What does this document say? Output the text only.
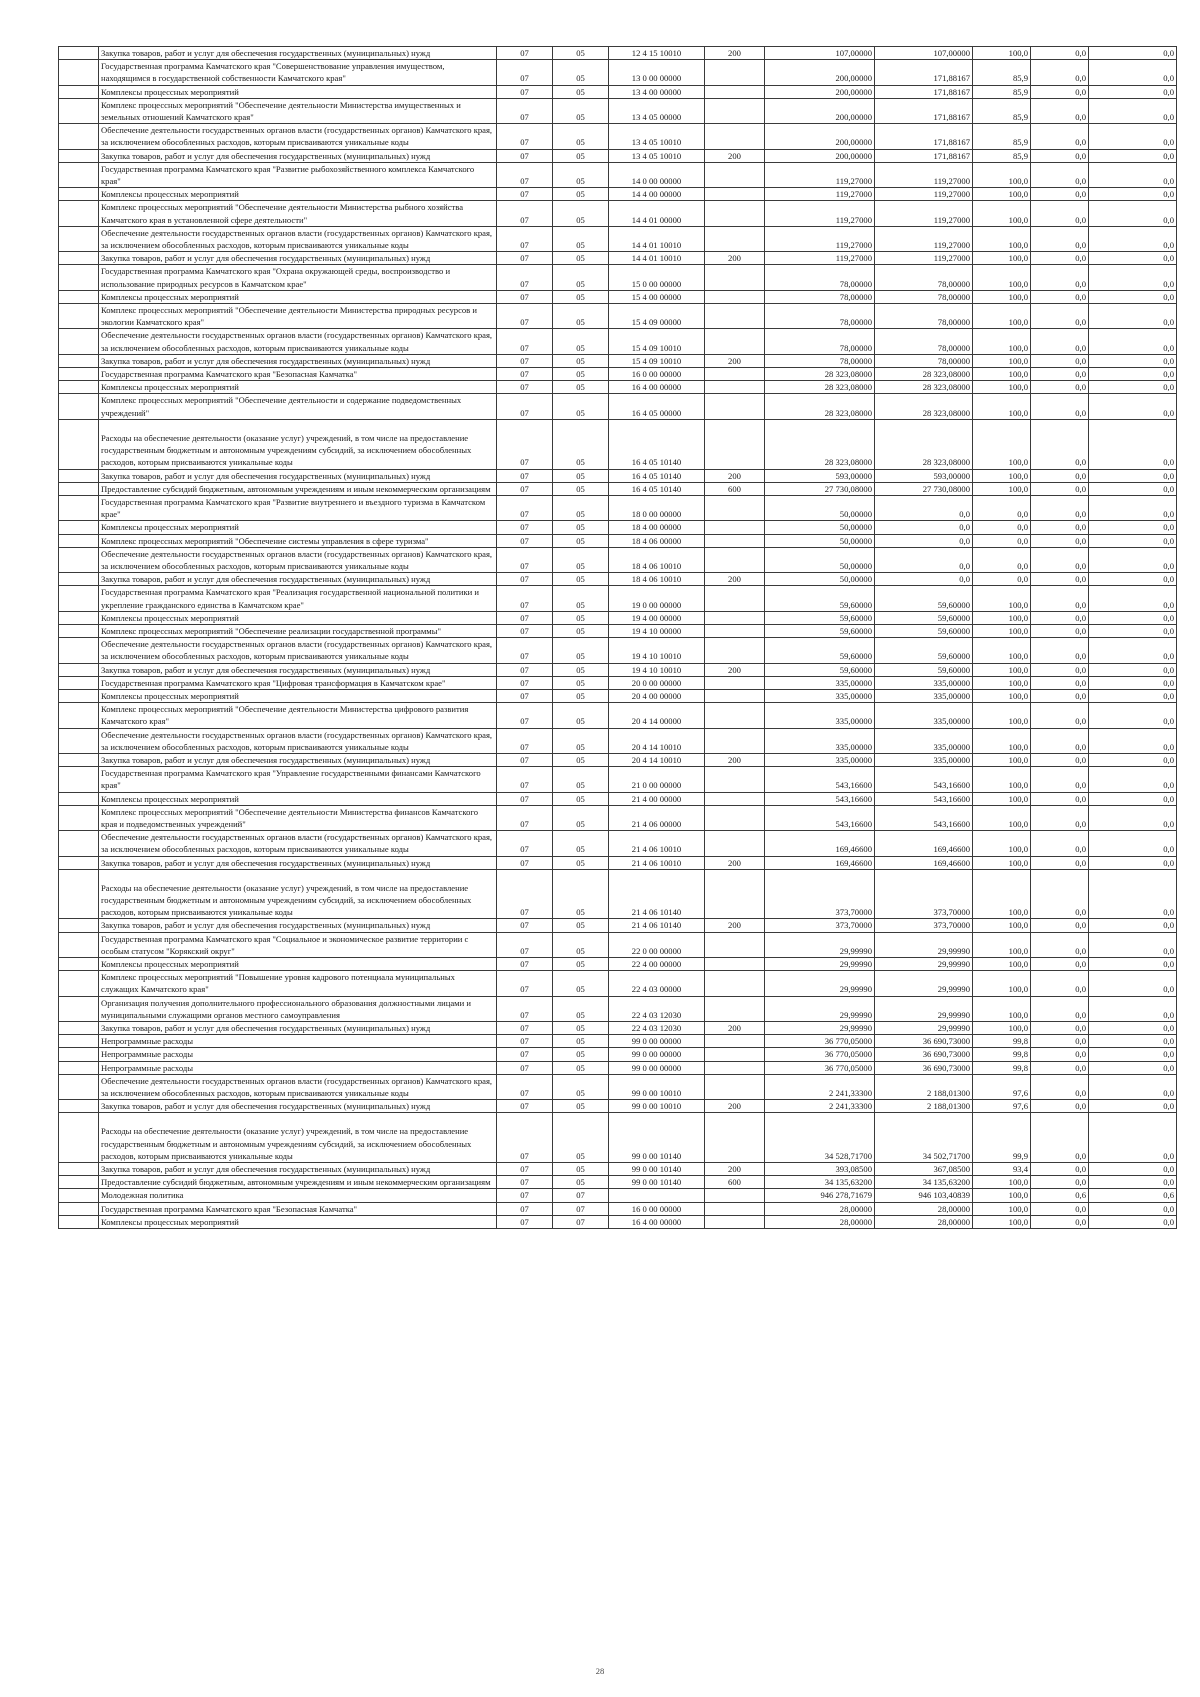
	Закупка товаров, работ и услуг для обеспечения государственных (муниципальных) нужд	07	05	12 4 15 10010	200	107,00000	107,00000	100,0	0,0	0,0
	Государственная программа Камчатского края "Совершенствование управления имуществом, находящимся в государственной собственности Камчатского края"	07	05	13 0 00 00000		200,00000	171,88167	85,9	0,0	0,0
	Комплексы процессных мероприятий	07	05	13 4 00 00000		200,00000	171,88167	85,9	0,0	0,0
	Комплекс процессных мероприятий "Обеспечение деятельности Министерства имущественных и земельных отношений Камчатского края"	07	05	13 4 05 00000		200,00000	171,88167	85,9	0,0	0,0
	Обеспечение деятельности государственных органов власти (государственных органов) Камчатского края, за исключением обособленных расходов, которым присваиваются уникальные коды	07	05	13 4 05 10010		200,00000	171,88167	85,9	0,0	0,0
	Закупка товаров, работ и услуг для обеспечения государственных (муниципальных) нужд	07	05	13 4 05 10010	200	200,00000	171,88167	85,9	0,0	0,0
	Государственная программа Камчатского края "Развитие рыбохозяйственного комплекса Камчатского края"	07	05	14 0 00 00000		119,27000	119,27000	100,0	0,0	0,0
	Комплексы процессных мероприятий	07	05	14 4 00 00000		119,27000	119,27000	100,0	0,0	0,0
	Комплекс процессных мероприятий "Обеспечение деятельности Министерства рыбного хозяйства Камчатского края в установленной сфере деятельности"	07	05	14 4 01 00000		119,27000	119,27000	100,0	0,0	0,0
	Обеспечение деятельности государственных органов власти (государственных органов) Камчатского края, за исключением обособленных расходов, которым присваиваются уникальные коды	07	05	14 4 01 10010		119,27000	119,27000	100,0	0,0	0,0
	Закупка товаров, работ и услуг для обеспечения государственных (муниципальных) нужд	07	05	14 4 01 10010	200	119,27000	119,27000	100,0	0,0	0,0
	Государственная программа Камчатского края "Охрана окружающей среды, воспроизводство и использование природных ресурсов в Камчатском крае"	07	05	15 0 00 00000		78,00000	78,00000	100,0	0,0	0,0
	Комплексы процессных мероприятий	07	05	15 4 00 00000		78,00000	78,00000	100,0	0,0	0,0
	Комплекс процессных мероприятий "Обеспечение деятельности Министерства природных ресурсов и экологии Камчатского края"	07	05	15 4 09 00000		78,00000	78,00000	100,0	0,0	0,0
	Обеспечение деятельности государственных органов власти (государственных органов) Камчатского края, за исключением обособленных расходов, которым присваиваются уникальные коды	07	05	15 4 09 10010		78,00000	78,00000	100,0	0,0	0,0
	Закупка товаров, работ и услуг для обеспечения государственных (муниципальных) нужд	07	05	15 4 09 10010	200	78,00000	78,00000	100,0	0,0	0,0
	Государственная программа Камчатского края "Безопасная Камчатка"	07	05	16 0 00 00000		28 323,08000	28 323,08000	100,0	0,0	0,0
	Комплексы процессных мероприятий	07	05	16 4 00 00000		28 323,08000	28 323,08000	100,0	0,0	0,0
	Комплекс процессных мероприятий "Обеспечение деятельности и содержание подведомственных учреждений"	07	05	16 4 05 00000		28 323,08000	28 323,08000	100,0	0,0	0,0
	Расходы на обеспечение деятельности (оказание услуг) учреждений, в том числе на предоставление государственным бюджетным и автономным учреждениям субсидий, за исключением обособленных расходов, которым присваиваются уникальные коды	07	05	16 4 05 10140		28 323,08000	28 323,08000	100,0	0,0	0,0
	Закупка товаров, работ и услуг для обеспечения государственных (муниципальных) нужд	07	05	16 4 05 10140	200	593,00000	593,00000	100,0	0,0	0,0
	Предоставление субсидий бюджетным, автономным учреждениям и иным некоммерческим организациям	07	05	16 4 05 10140	600	27 730,08000	27 730,08000	100,0	0,0	0,0
	Государственная программа Камчатского края "Развитие внутреннего и въездного туризма в Камчатском крае"	07	05	18 0 00 00000		50,00000	0,0	0,0	0,0	0,0
	Комплексы процессных мероприятий	07	05	18 4 00 00000		50,00000	0,0	0,0	0,0	0,0
	Комплекс процессных мероприятий "Обеспечение системы управления в сфере туризма"	07	05	18 4 06 00000		50,00000	0,0	0,0	0,0	0,0
	Обеспечение деятельности государственных органов власти (государственных органов) Камчатского края, за исключением обособленных расходов, которым присваиваются уникальные коды	07	05	18 4 06 10010		50,00000	0,0	0,0	0,0	0,0
	Закупка товаров, работ и услуг для обеспечения государственных (муниципальных) нужд	07	05	18 4 06 10010	200	50,00000	0,0	0,0	0,0	0,0
	Государственная программа Камчатского края "Реализация государственной национальной политики и укрепление гражданского единства в Камчатском крае"	07	05	19 0 00 00000		59,60000	59,60000	100,0	0,0	0,0
	Комплексы процессных мероприятий	07	05	19 4 00 00000		59,60000	59,60000	100,0	0,0	0,0
	Комплекс процессных мероприятий "Обеспечение реализации государственной программы"	07	05	19 4 10 00000		59,60000	59,60000	100,0	0,0	0,0
	Обеспечение деятельности государственных органов власти (государственных органов) Камчатского края, за исключением обособленных расходов, которым присваиваются уникальные коды	07	05	19 4 10 10010		59,60000	59,60000	100,0	0,0	0,0
	Закупка товаров, работ и услуг для обеспечения государственных (муниципальных) нужд	07	05	19 4 10 10010	200	59,60000	59,60000	100,0	0,0	0,0
	Государственная программа Камчатского края "Цифровая трансформация в Камчатском крае"	07	05	20 0 00 00000		335,00000	335,00000	100,0	0,0	0,0
	Комплексы процессных мероприятий	07	05	20 4 00 00000		335,00000	335,00000	100,0	0,0	0,0
	Комплекс процессных мероприятий "Обеспечение деятельности Министерства цифрового развития Камчатского края"	07	05	20 4 14 00000		335,00000	335,00000	100,0	0,0	0,0
	Обеспечение деятельности государственных органов власти (государственных органов) Камчатского края, за исключением обособленных расходов, которым присваиваются уникальные коды	07	05	20 4 14 10010		335,00000	335,00000	100,0	0,0	0,0
	Закупка товаров, работ и услуг для обеспечения государственных (муниципальных) нужд	07	05	20 4 14 10010	200	335,00000	335,00000	100,0	0,0	0,0
	Государственная программа Камчатского края "Управление государственными финансами Камчатского края"	07	05	21 0 00 00000		543,16600	543,16600	100,0	0,0	0,0
	Комплексы процессных мероприятий	07	05	21 4 00 00000		543,16600	543,16600	100,0	0,0	0,0
	Комплекс процессных мероприятий "Обеспечение деятельности Министерства финансов Камчатского края и подведомственных учреждений"	07	05	21 4 06 00000		543,16600	543,16600	100,0	0,0	0,0
	Обеспечение деятельности государственных органов власти (государственных органов) Камчатского края, за исключением обособленных расходов, которым присваиваются уникальные коды	07	05	21 4 06 10010		169,46600	169,46600	100,0	0,0	0,0
	Закупка товаров, работ и услуг для обеспечения государственных (муниципальных) нужд	07	05	21 4 06 10010	200	169,46600	169,46600	100,0	0,0	0,0
	Расходы на обеспечение деятельности (оказание услуг) учреждений, в том числе на предоставление государственным бюджетным и автономным учреждениям субсидий, за исключением обособленных расходов, которым присваиваются уникальные коды	07	05	21 4 06 10140		373,70000	373,70000	100,0	0,0	0,0
	Закупка товаров, работ и услуг для обеспечения государственных (муниципальных) нужд	07	05	21 4 06 10140	200	373,70000	373,70000	100,0	0,0	0,0
	Государственная программа Камчатского края "Социальное и экономическое развитие территории с особым статусом "Корякский округ"	07	05	22 0 00 00000		29,99990	29,99990	100,0	0,0	0,0
	Комплексы процессных мероприятий	07	05	22 4 00 00000		29,99990	29,99990	100,0	0,0	0,0
	Комплекс процессных мероприятий "Повышение уровня кадрового потенциала муниципальных служащих Камчатского края"	07	05	22 4 03 00000		29,99990	29,99990	100,0	0,0	0,0
	Организация получения дополнительного профессионального образования должностными лицами и муниципальными служащими органов местного самоуправления	07	05	22 4 03 12030		29,99990	29,99990	100,0	0,0	0,0
	Закупка товаров, работ и услуг для обеспечения государственных (муниципальных) нужд	07	05	22 4 03 12030	200	29,99990	29,99990	100,0	0,0	0,0
	Непрограммные расходы	07	05	99 0 00 00000		36 770,05000	36 690,73000	99,8	0,0	0,0
	Непрограммные расходы	07	05	99 0 00 00000		36 770,05000	36 690,73000	99,8	0,0	0,0
	Непрограммные расходы	07	05	99 0 00 00000		36 770,05000	36 690,73000	99,8	0,0	0,0
	Обеспечение деятельности государственных органов власти (государственных органов) Камчатского края, за исключением обособленных расходов, которым присваиваются уникальные коды	07	05	99 0 00 10010		2 241,33300	2 188,01300	97,6	0,0	0,0
	Закупка товаров, работ и услуг для обеспечения государственных (муниципальных) нужд	07	05	99 0 00 10010	200	2 241,33300	2 188,01300	97,6	0,0	0,0
	Расходы на обеспечение деятельности (оказание услуг) учреждений, в том числе на предоставление государственным бюджетным и автономным учреждениям субсидий, за исключением обособленных расходов, которым присваиваются уникальные коды	07	05	99 0 00 10140		34 528,71700	34 502,71700	99,9	0,0	0,0
	Закупка товаров, работ и услуг для обеспечения государственных (муниципальных) нужд	07	05	99 0 00 10140	200	393,08500	367,08500	93,4	0,0	0,0
	Предоставление субсидий бюджетным, автономным учреждениям и иным некоммерческим организациям	07	05	99 0 00 10140	600	34 135,63200	34 135,63200	100,0	0,0	0,0
	Молодежная политика	07	07			946 278,71679	946 103,40839	100,0	0,6	0,6
	Государственная программа Камчатского края "Безопасная Камчатка"	07	07	16 0 00 00000		28,00000	28,00000	100,0	0,0	0,0
	Комплексы процессных мероприятий	07	07	16 4 00 00000		28,00000	28,00000	100,0	0,0	0,0
28
